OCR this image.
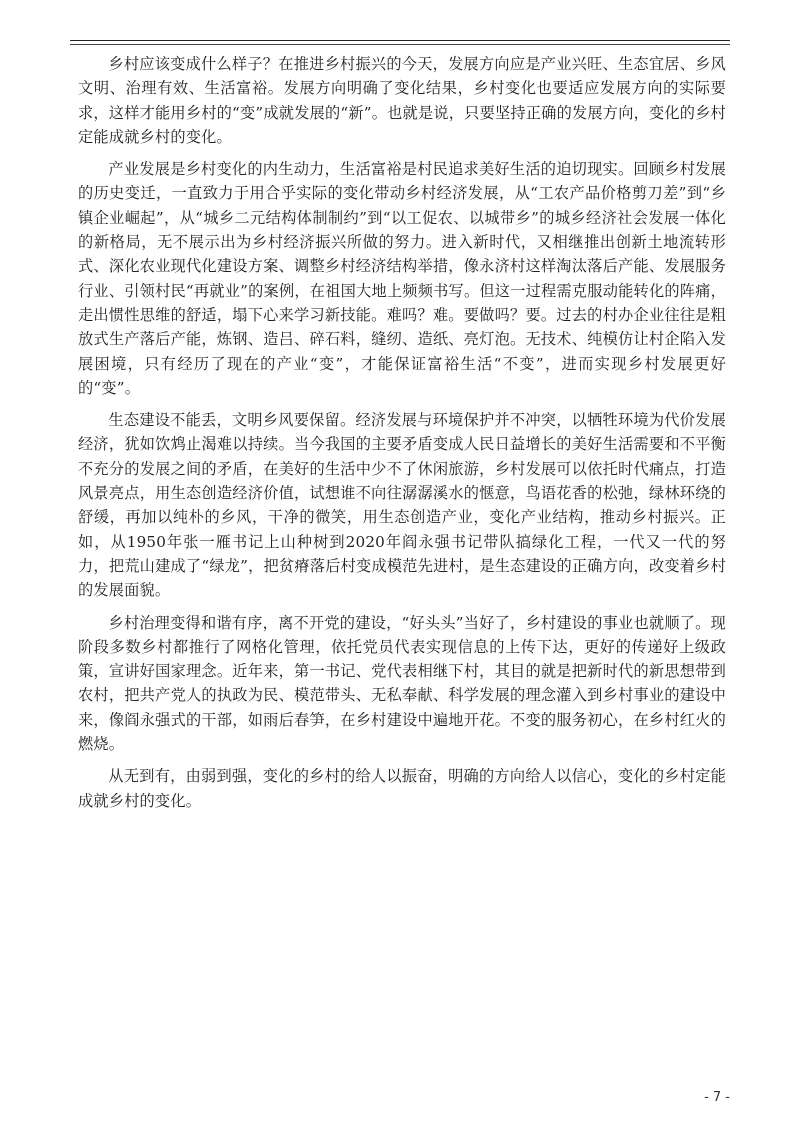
乡村应该变成什么样子？在推进乡村振兴的今天，发展方向应是产业兴旺、生态宜居、乡风文明、治理有效、生活富裕。发展方向明确了变化结果，乡村变化也要适应发展方向的实际要求，这样才能用乡村的“变”成就发展的“新”。也就是说，只要坚持正确的发展方向，变化的乡村定能成就乡村的变化。

产业发展是乡村变化的内生动力，生活富裕是村民追求美好生活的迫切现实。回顾乡村发展的历史变迁，一直致力于用合乎实际的变化带动乡村经济发展，从“工农产品价格剪刀差”到“乡镇企业崛起”，从“城乡二元结构体制制约”到“以工促农、以城带乡”的城乡经济社会发展一体化的新格局，无不展示出为乡村经济振兴所做的努力。进入新时代，又相继推出创新土地流转形式、深化农业现代化建设方案、调整乡村经济结构举措，像永济村这样淘汰落后产能、发展服务行业、引领村民“再就业”的案例，在祖国大地上频频书写。但这一过程需克服动能转化的阵痛，走出惯性思维的舒适，塌下心来学习新技能。难吗？难。要做吗？要。过去的村办企业往往是粗放式生产落后产能，炼钢、造吕、碎石料，缝纫、造纸、亮灯泡。无技术、纯模仿让村企陷入发展困境，只有经历了现在的产业“变”，才能保证富裕生活“不变”，进而实现乡村发展更好的“变”。

生态建设不能丢，文明乡风要保留。经济发展与环境保护并不冲突，以牺牲环境为代价发展经济，犹如饮鸩止渴难以持续。当今我国的主要矛盾变成人民日益增长的美好生活需要和不平衡不充分的发展之间的矛盾，在美好的生活中少不了休闲旅游，乡村发展可以依托时代痛点，打造风景亮点，用生态创造经济价值，试想谁不向往潺潺溪水的惬意，鸟语花香的松弛，绿林环绕的舒缓，再加以纯朴的乡风，干净的微笑，用生态创造产业，变化产业结构，推动乡村振兴。正如，从1950年张一雁书记上山种树到2020年阎永强书记带队搞绿化工程，一代又一代的努力，把荒山建成了“绿龙”，把贫瘠落后村变成模范先进村，是生态建设的正确方向，改变着乡村的发展面貌。

乡村治理变得和谐有序，离不开党的建设，“好头头”当好了，乡村建设的事业也就顺了。现阶段多数乡村都推行了网格化管理，依托党员代表实现信息的上传下达，更好的传递好上级政策，宣讲好国家理念。近年来，第一书记、党代表相继下村，其目的就是把新时代的新思想带到农村，把共产党人的执政为民、模范带头、无私奉献、科学发展的理念灌入到乡村事业的建设中来，像阎永强式的干部，如雨后春笋，在乡村建设中遍地开花。不变的服务初心，在乡村红火的燃烧。

从无到有，由弱到强，变化的乡村的给人以振奋，明确的方向给人以信心，变化的乡村定能成就乡村的变化。

- 7 -
